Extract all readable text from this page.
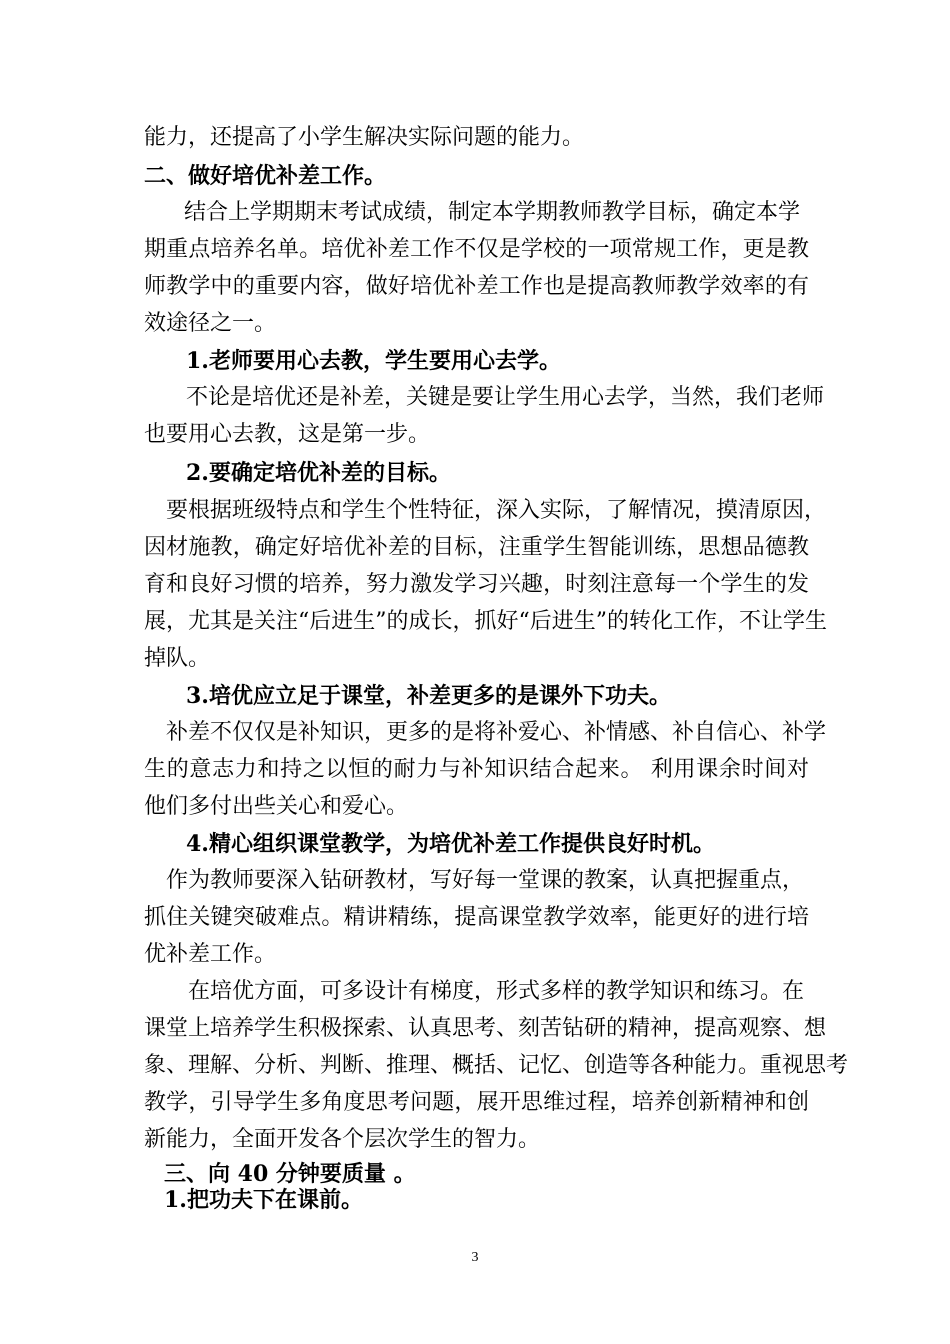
能力，还提高了小学生解决实际问题的能力。
二、做好培优补差工作。
结合上学期期末考试成绩，制定本学期教师教学目标，确定本学
期重点培养名单。培优补差工作不仅是学校的一项常规工作，更是教
师教学中的重要内容，做好培优补差工作也是提高教师教学效率的有
效途径之一。
1.老师要用心去教，学生要用心去学。
不论是培优还是补差，关键是要让学生用心去学，当然，我们老师
也要用心去教，这是第一步。
2.要确定培优补差的目标。
要根据班级特点和学生个性特征，深入实际，了解情况，摸清原因，
因材施教，确定好培优补差的目标，注重学生智能训练，思想品德教
育和良好习惯的培养，努力激发学习兴趣，时刻注意每一个学生的发
展，尤其是关注“后进生”的成长，抓好“后进生”的转化工作，不让学生
掉队。
3.培优应立足于课堂，补差更多的是课外下功夫。
补差不仅仅是补知识，更多的是将补爱心、补情感、补自信心、补学
生的意志力和持之以恒的耐力与补知识结合起来。 利用课余时间对
他们多付出些关心和爱心。
4.精心组织课堂教学，为培优补差工作提供良好时机。
作为教师要深入钻研教材，写好每一堂课的教案，认真把握重点，
抓住关键突破难点。精讲精练，提高课堂教学效率，能更好的进行培
优补差工作。
在培优方面，可多设计有梯度，形式多样的教学知识和练习。在
课堂上培养学生积极探索、认真思考、刻苦钻研的精神，提高观察、想
象、理解、分析、判断、推理、概括、记忆、创造等各种能力。重视思考
教学，引导学生多角度思考问题，展开思维过程，培养创新精神和创
新能力，全面开发各个层次学生的智力。
三、向 40 分钟要质量 。
1.把功夫下在课前。
3
